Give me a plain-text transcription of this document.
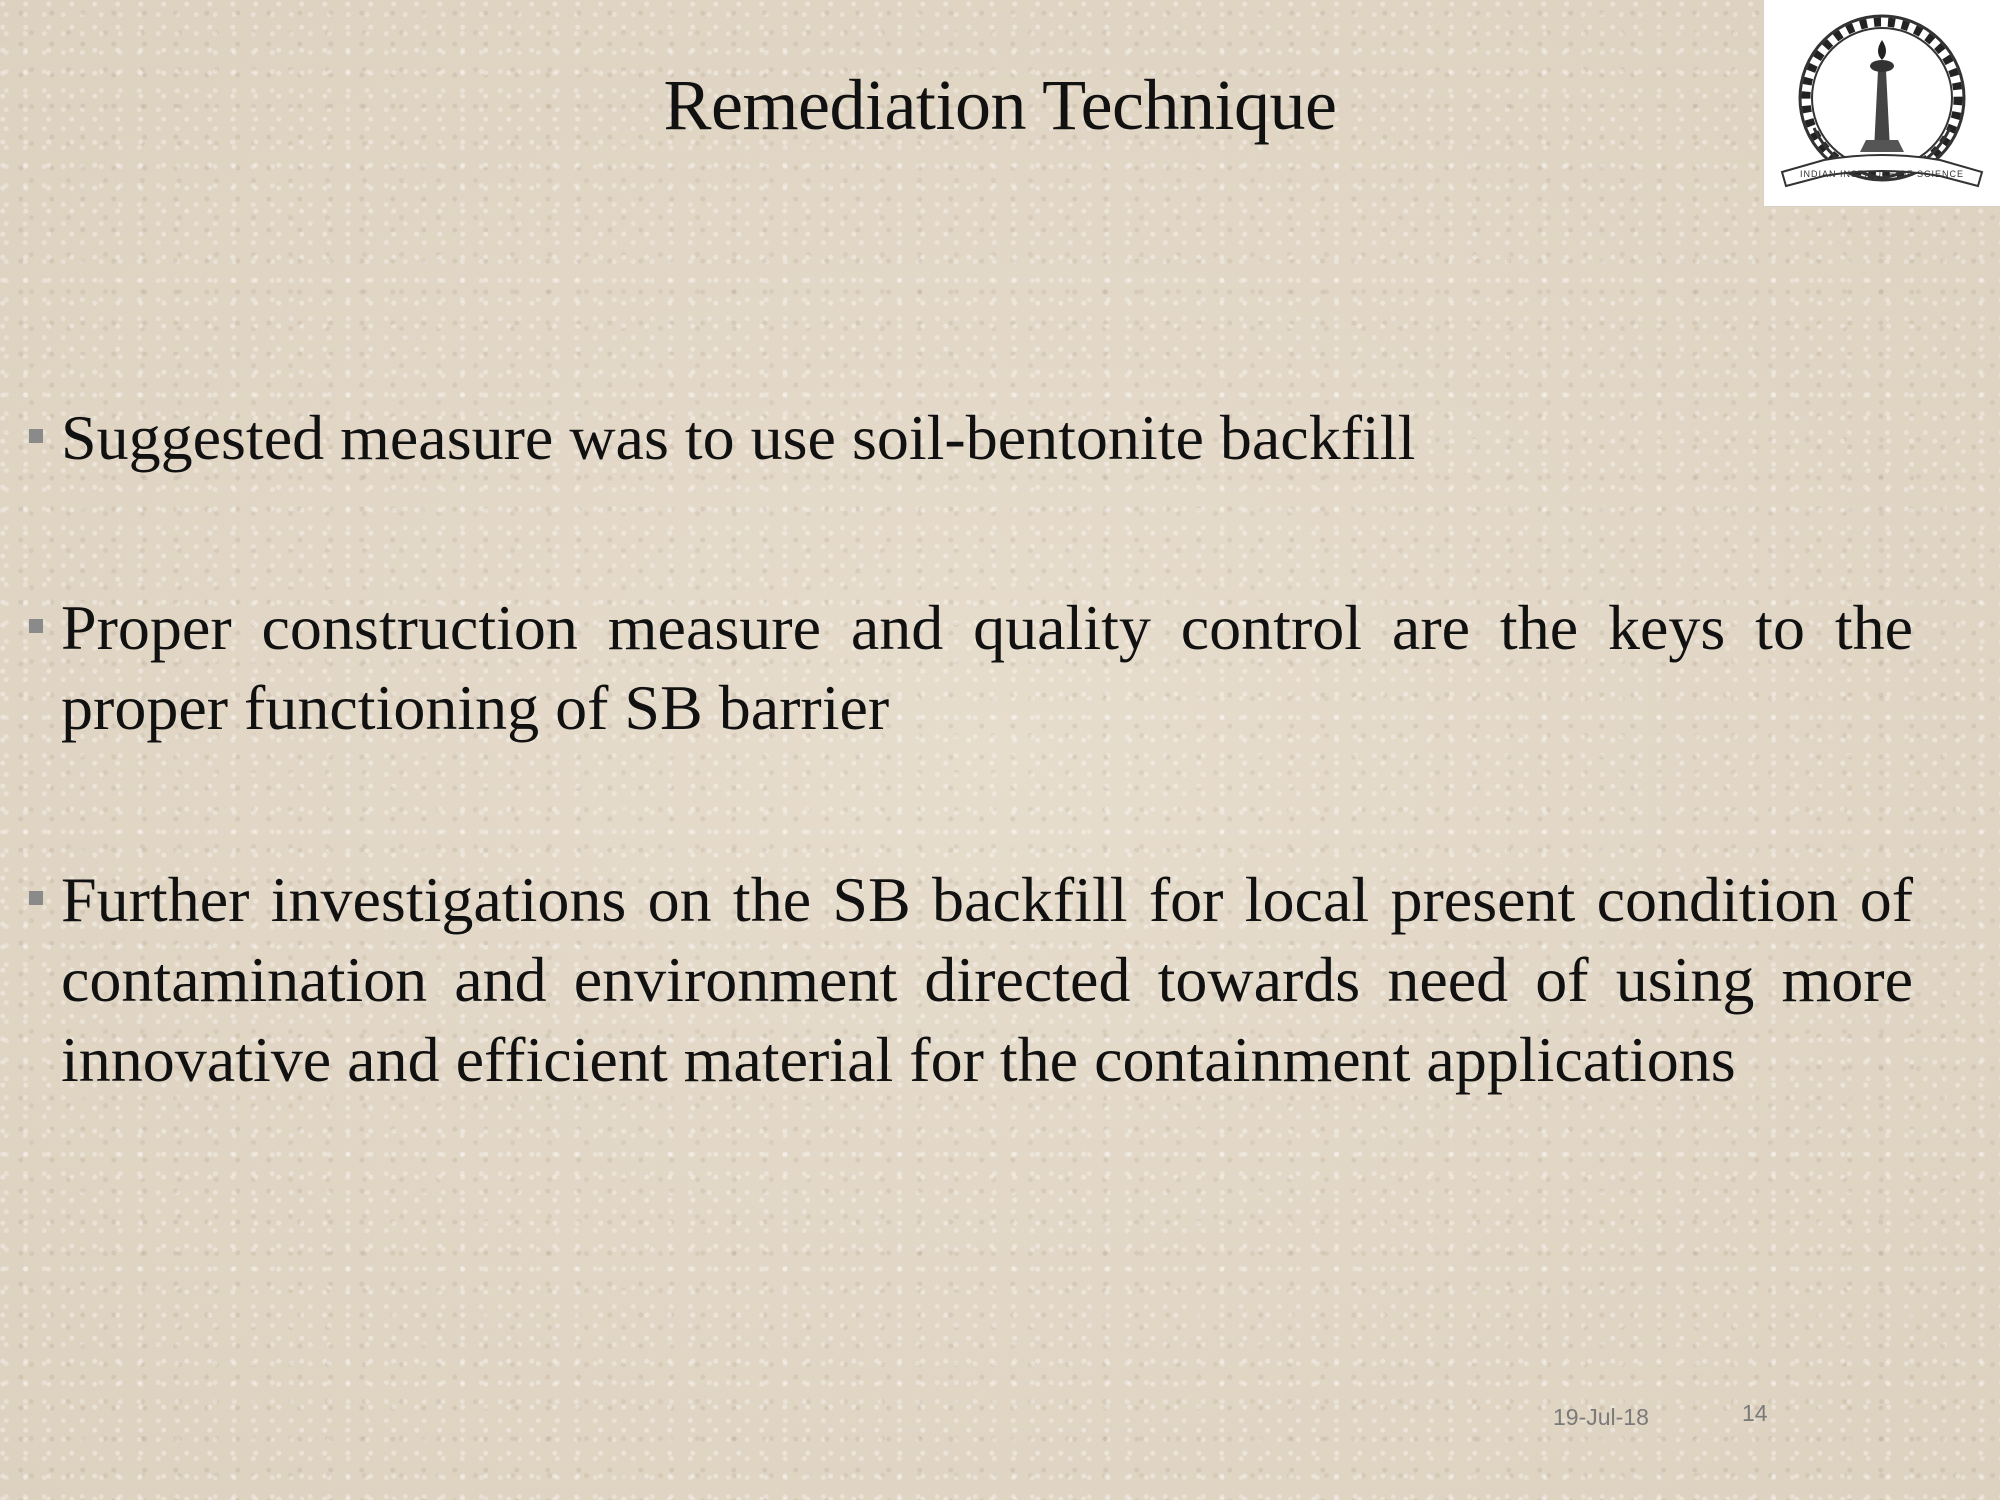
Remediation Technique
INDIAN INSTITUTE OF SCIENCE
Suggested measure was to use soil-bentonite backfill
Proper construction measure and quality control are the keys to the proper functioning of SB barrier
Further investigations on the SB backfill for local present condition of contamination and environment directed towards need of using more innovative and efficient material for the containment applications
19-Jul-18	14
